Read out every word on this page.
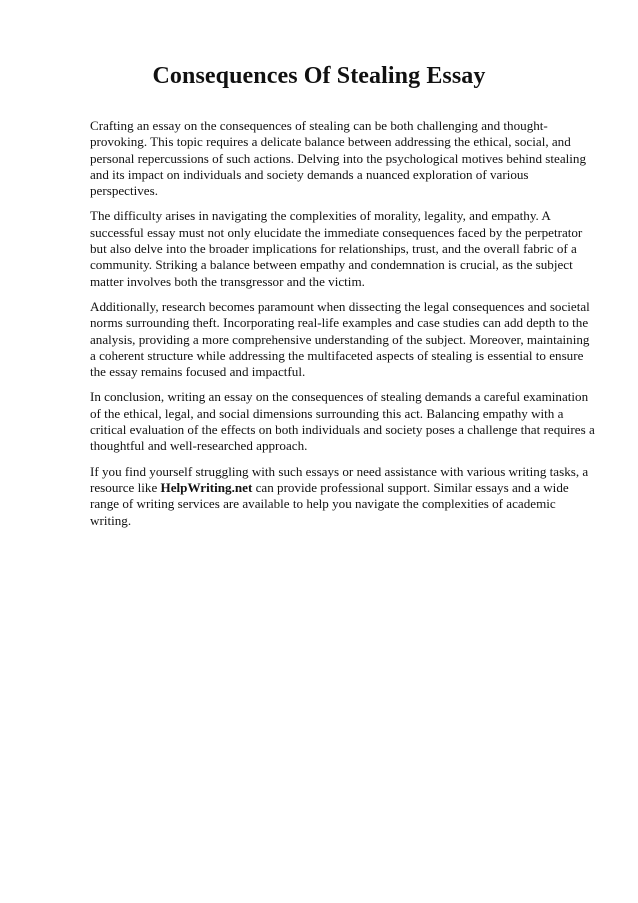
Consequences Of Stealing Essay

Crafting an essay on the consequences of stealing can be both challenging and thought-provoking. This topic requires a delicate balance between addressing the ethical, social, and personal repercussions of such actions. Delving into the psychological motives behind stealing and its impact on individuals and society demands a nuanced exploration of various perspectives.

The difficulty arises in navigating the complexities of morality, legality, and empathy. A successful essay must not only elucidate the immediate consequences faced by the perpetrator but also delve into the broader implications for relationships, trust, and the overall fabric of a community. Striking a balance between empathy and condemnation is crucial, as the subject matter involves both the transgressor and the victim.

Additionally, research becomes paramount when dissecting the legal consequences and societal norms surrounding theft. Incorporating real-life examples and case studies can add depth to the analysis, providing a more comprehensive understanding of the subject. Moreover, maintaining a coherent structure while addressing the multifaceted aspects of stealing is essential to ensure the essay remains focused and impactful.

In conclusion, writing an essay on the consequences of stealing demands a careful examination of the ethical, legal, and social dimensions surrounding this act. Balancing empathy with a critical evaluation of the effects on both individuals and society poses a challenge that requires a thoughtful and well-researched approach.

If you find yourself struggling with such essays or need assistance with various writing tasks, a resource like HelpWriting.net can provide professional support. Similar essays and a wide range of writing services are available to help you navigate the complexities of academic writing.
